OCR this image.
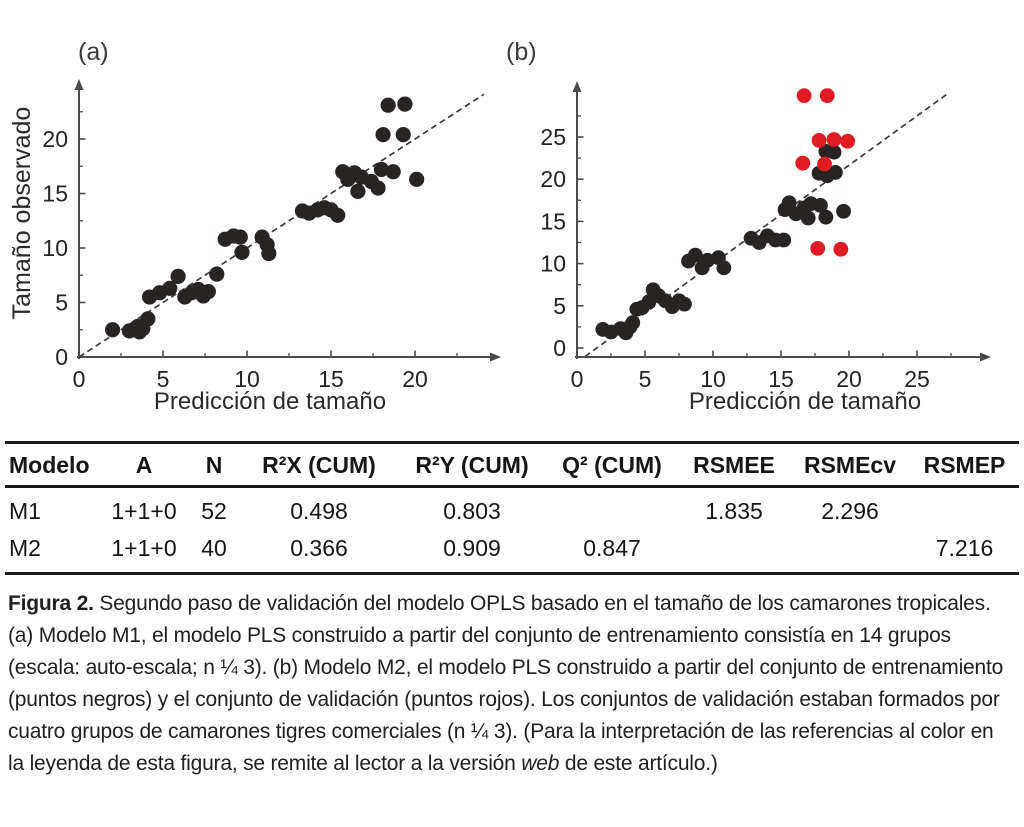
(a)	(b)
Tamaño observado
0	5	10	15	20
0
5
10
15
20
0 5 10 15 20 25
0
5
10
15
20
25
Predicción de tamaño	Predicción de tamaño
Modelo	A	N	R²X (CUM)	R²Y (CUM)	Q² (CUM)	RSMEE	RSMEcv	RSMEP
M1	1+1+0	52	0.498	0.803		1.835	2.296	
M2	1+1+0	40	0.366	0.909	0.847			7.216

Figura 2. Segundo paso de validación del modelo OPLS basado en el tamaño de los camarones tropicales. (a) Modelo M1, el modelo PLS construido a partir del conjunto de entrenamiento consistía en 14 grupos (escala: auto-escala; n ¼ 3). (b) Modelo M2, el modelo PLS construido a partir del conjunto de entrenamiento (puntos negros) y el conjunto de validación (puntos rojos). Los conjuntos de validación estaban formados por cuatro grupos de camarones tigres comerciales (n ¼ 3). (Para la interpretación de las referencias al color en la leyenda de esta figura, se remite al lector a la versión web de este artículo.)
